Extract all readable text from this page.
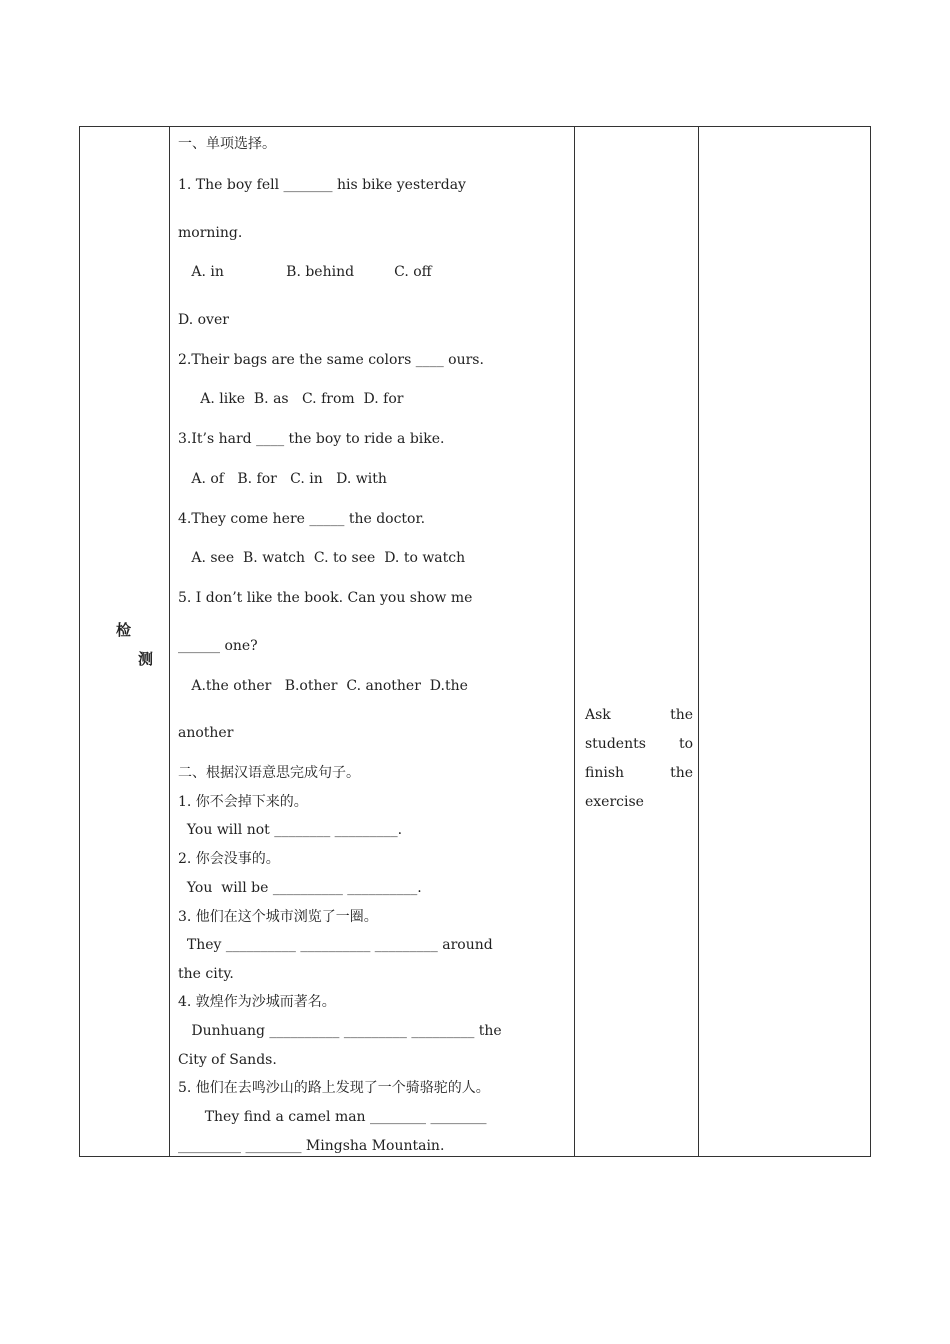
检
测
一、单项选择。
1. The boy fell _______ his bike yesterday
morning.
A. in              B. behind         C. off
D. over
2.Their bags are the same colors ____ ours.
A. like  B. as   C. from  D. for
3.It’s hard ____ the boy to ride a bike.
A. of   B. for   C. in   D. with
4.They come here _____ the doctor.
A. see  B. watch  C. to see  D. to watch
5. I don’t like the book. Can you show me
______ one?
A.the other   B.other  C. another  D.the
another
二、根据汉语意思完成句子。
1. 你不会掉下来的。
You will not ________ _________.
2. 你会没事的。
You  will be __________ __________.
3. 他们在这个城市浏览了一圈。
They __________ __________ _________ around
the city.
4. 敦煌作为沙城而著名。
Dunhuang __________ _________ _________ the
City of Sands.
5. 他们在去鸣沙山的路上发现了一个骑骆驼的人。
They find a camel man ________ ________
_________ ________ Mingsha Mountain.
Ask	the
students to
finish	the
exercise
